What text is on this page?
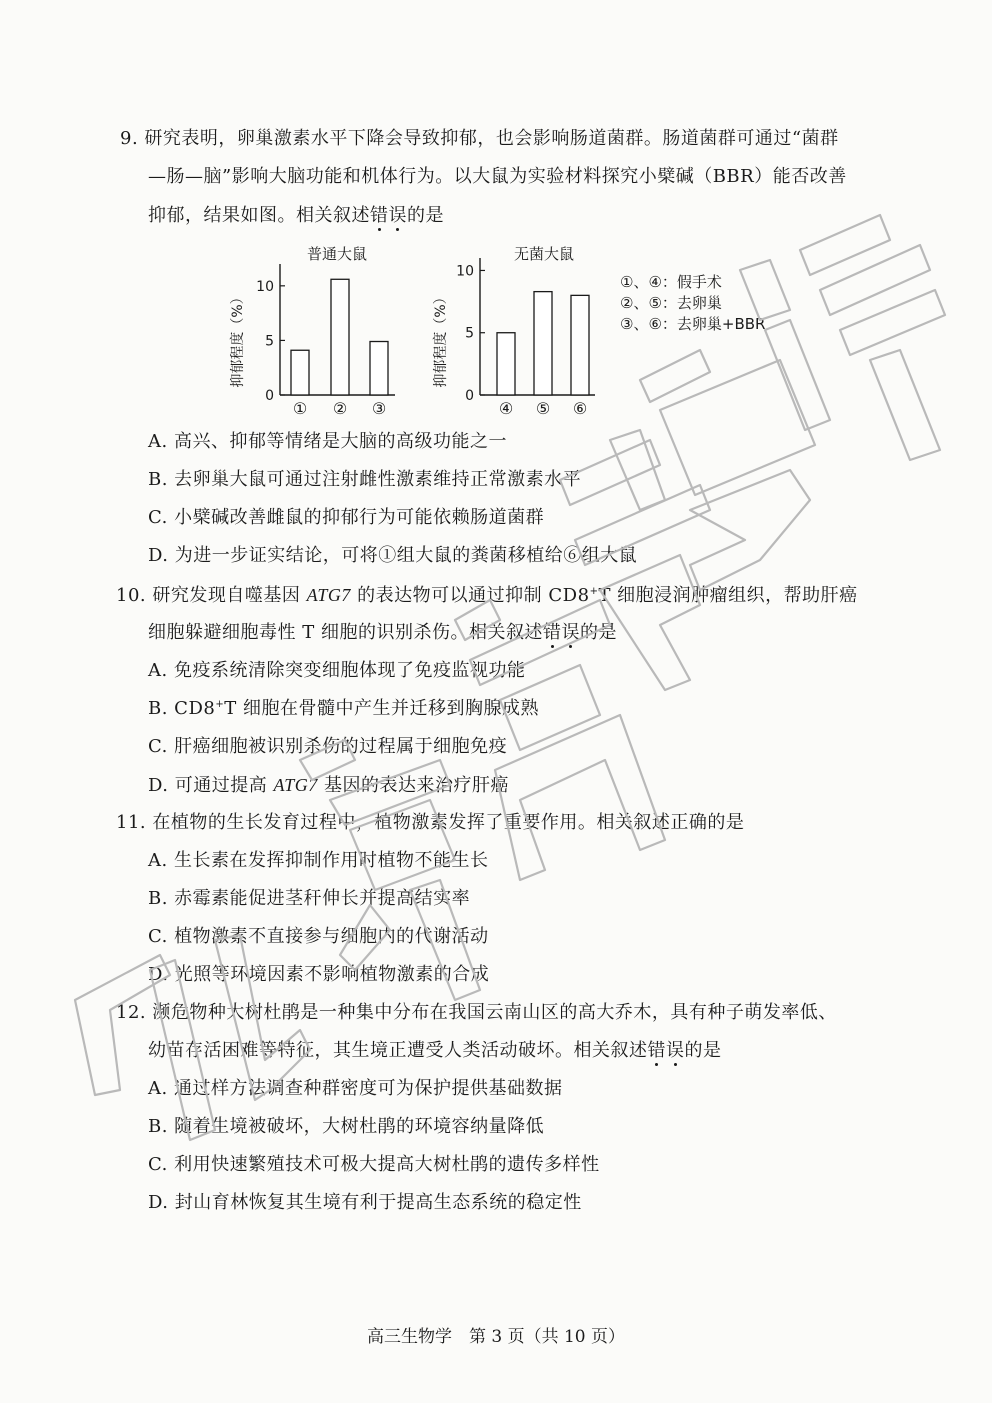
9. 研究表明，卵巢激素水平下降会导致抑郁，也会影响肠道菌群。肠道菌群可通过“菌群
—肠—脑”影响大脑功能和机体行为。以大鼠为实验材料探究小檗碱（BBR）能否改善
抑郁，结果如图。相关叙述错误的是
普通大鼠
抑郁程度（%）
0
5
10
① ② ③
无菌大鼠
抑郁程度（%）
0
5
10
④ ⑤ ⑥
①、④：假手术
②、⑤：去卵巢
③、⑥：去卵巢+BBR
A. 高兴、抑郁等情绪是大脑的高级功能之一
B. 去卵巢大鼠可通过注射雌性激素维持正常激素水平
C. 小檗碱改善雌鼠的抑郁行为可能依赖肠道菌群
D. 为进一步证实结论，可将①组大鼠的粪菌移植给⑥组大鼠
10. 研究发现自噬基因 ATG7 的表达物可以通过抑制 CD8+T 细胞浸润肿瘤组织，帮助肝癌
细胞躲避细胞毒性 T 细胞的识别杀伤。相关叙述错误的是
A. 免疫系统清除突变细胞体现了免疫监视功能
B. CD8+T 细胞在骨髓中产生并迁移到胸腺成熟
C. 肝癌细胞被识别杀伤的过程属于细胞免疫
D. 可通过提高 ATG7 基因的表达来治疗肝癌
11. 在植物的生长发育过程中，植物激素发挥了重要作用。相关叙述正确的是
A. 生长素在发挥抑制作用时植物不能生长
B. 赤霉素能促进茎秆伸长并提高结实率
C. 植物激素不直接参与细胞内的代谢活动
D. 光照等环境因素不影响植物激素的合成
12. 濒危物种大树杜鹃是一种集中分布在我国云南山区的高大乔木，具有种子萌发率低、
幼苗存活困难等特征，其生境正遭受人类活动破坏。相关叙述错误的是
A. 通过样方法调查种群密度可为保护提供基础数据
B. 随着生境被破坏，大树杜鹃的环境容纳量降低
C. 利用快速繁殖技术可极大提高大树杜鹃的遗传多样性
D. 封山育林恢复其生境有利于提高生态系统的稳定性
高三生物学　第 3 页（共 10 页）
